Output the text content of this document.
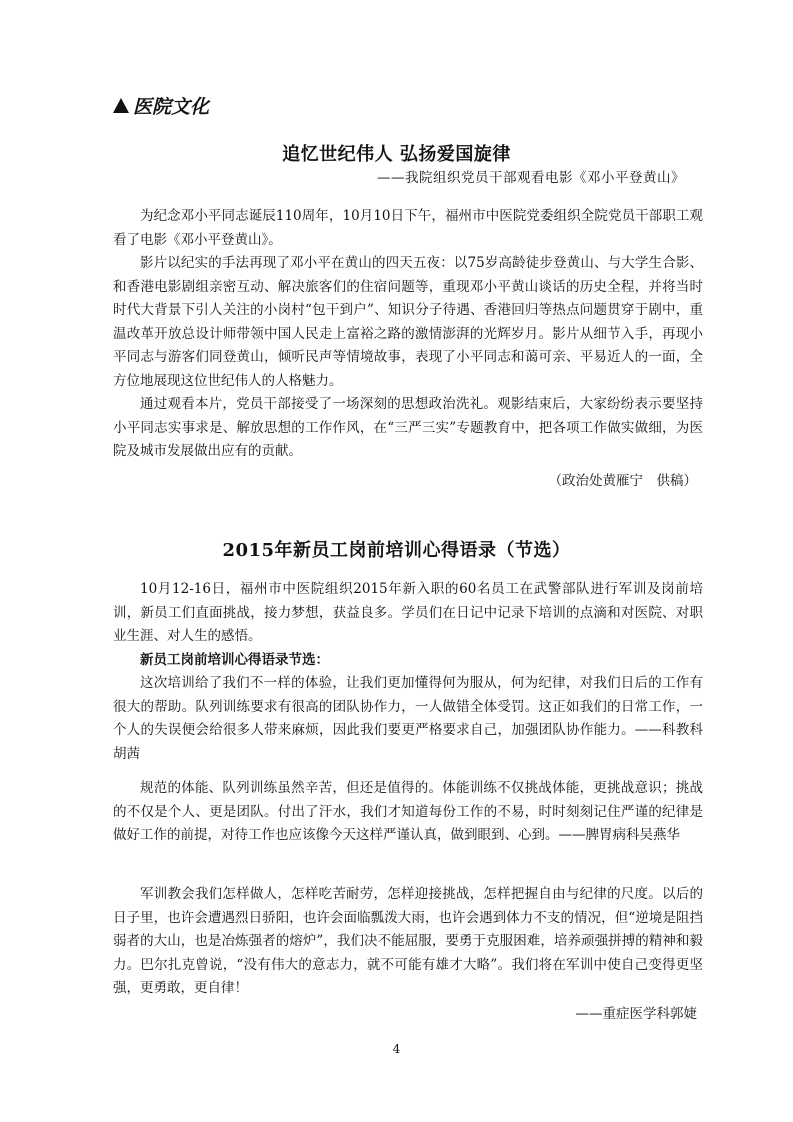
医院文化
追忆世纪伟人 弘扬爱国旋律
——我院组织党员干部观看电影《邓小平登黄山》

为纪念邓小平同志诞辰110周年，10月10日下午，福州市中医院党委组织全院党员干部职工观看了电影《邓小平登黄山》。

影片以纪实的手法再现了邓小平在黄山的四天五夜：以75岁高龄徒步登黄山、与大学生合影、和香港电影剧组亲密互动、解决旅客们的住宿问题等，重现邓小平黄山谈话的历史全程，并将当时时代大背景下引人关注的小岗村“包干到户”、知识分子待遇、香港回归等热点问题贯穿于剧中，重温改革开放总设计师带领中国人民走上富裕之路的激情澎湃的光辉岁月。影片从细节入手，再现小平同志与游客们同登黄山，倾听民声等情境故事，表现了小平同志和蔼可亲、平易近人的一面，全方位地展现这位世纪伟人的人格魅力。

通过观看本片，党员干部接受了一场深刻的思想政治洗礼。观影结束后，大家纷纷表示要坚持小平同志实事求是、解放思想的工作作风，在“三严三实”专题教育中，把各项工作做实做细，为医院及城市发展做出应有的贡献。

（政治处黄雁宁　供稿）
2015年新员工岗前培训心得语录（节选）

10月12-16日，福州市中医院组织2015年新入职的60名员工在武警部队进行军训及岗前培训，新员工们直面挑战，接力梦想，获益良多。学员们在日记中记录下培训的点滴和对医院、对职业生涯、对人生的感悟。

新员工岗前培训心得语录节选：

这次培训给了我们不一样的体验，让我们更加懂得何为服从，何为纪律，对我们日后的工作有很大的帮助。队列训练要求有很高的团队协作力，一人做错全体受罚。这正如我们的日常工作，一个人的失误便会给很多人带来麻烦，因此我们要更严格要求自己，加强团队协作能力。——科教科胡茜

规范的体能、队列训练虽然辛苦，但还是值得的。体能训练不仅挑战体能，更挑战意识；挑战的不仅是个人、更是团队。付出了汗水，我们才知道每份工作的不易，时时刻刻记住严谨的纪律是做好工作的前提，对待工作也应该像今天这样严谨认真，做到眼到、心到。——脾胃病科吴燕华

军训教会我们怎样做人，怎样吃苦耐劳，怎样迎接挑战，怎样把握自由与纪律的尺度。以后的日子里，也许会遭遇烈日骄阳，也许会面临瓢泼大雨，也许会遇到体力不支的情况，但“逆境是阻挡弱者的大山，也是冶炼强者的熔炉”，我们决不能屈服，要勇于克服困难，培养顽强拼搏的精神和毅力。巴尔扎克曾说，“没有伟大的意志力，就不可能有雄才大略”。我们将在军训中使自己变得更坚强，更勇敢，更自律！

——重症医学科郭婕
4
